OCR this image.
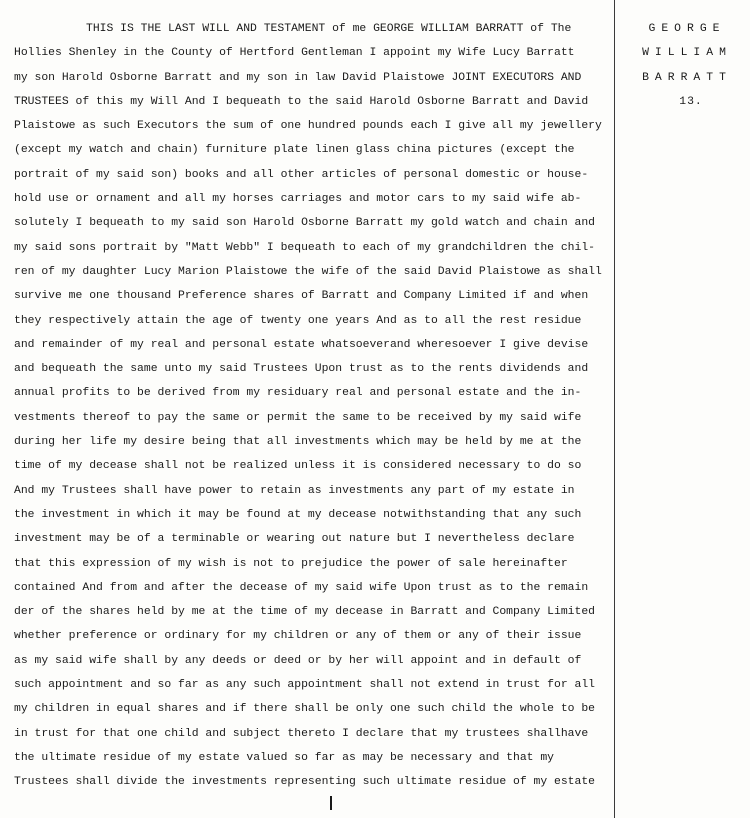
THIS IS THE LAST WILL AND TESTAMENT of me GEORGE WILLIAM BARRATT of The
Hollies Shenley in the County of Hertford Gentleman I appoint my Wife Lucy Barratt
my son Harold Osborne Barratt and my son in law David Plaistowe JOINT EXECUTORS AND
TRUSTEES of this my Will And I bequeath to the said Harold Osborne Barratt and David
Plaistowe as such Executors the sum of one hundred pounds each I give all my jewellery
(except my watch and chain) furniture plate linen glass china pictures (except the
portrait of my said son) books and all other articles of personal domestic or house-
hold use or ornament and all my horses carriages and motor cars to my said wife ab-
solutely I bequeath to my said son Harold Osborne Barratt my gold watch and chain and
my said sons portrait by "Matt Webb" I bequeath to each of my grandchildren the chil-
ren of my daughter Lucy Marion Plaistowe the wife of the said David Plaistowe as shall
survive me one thousand Preference shares of Barratt and Company Limited if and when
they respectively attain the age of twenty one years And as to all the rest residue
and remainder of my real and personal estate whatsoeverand wheresoever I give devise
and bequeath the same unto my said Trustees Upon trust as to the rents dividends and
annual profits to be derived from my residuary real and personal estate and the in-
vestments thereof to pay the same or permit the same to be received by my said wife
during her life my desire being that all investments which may be held by me at the
time of my decease shall not be realized unless it is considered necessary to do so
And my Trustees shall have power to retain as investments any part of my estate in
the investment in which it may be found at my decease notwithstanding that any such
investment may be of a terminable or wearing out nature but I nevertheless declare
that this expression of my wish is not to prejudice the power of sale hereinafter
contained And from and after the decease of my said wife Upon trust as to the remain
der of the shares held by me at the time of my decease in Barratt and Company Limited
whether preference or ordinary for my children or any of them or any of their issue
as my said wife shall by any deeds or deed or by her will appoint and in default of
such appointment and so far as any such appointment shall not extend in trust for all
my children in equal shares and if there shall be only one such child the whole to be
in trust for that one child and subject thereto I declare that my trustees shallhave
the ultimate residue of my estate valued so far as may be necessary and that my
Trustees shall divide the investments representing such ultimate residue of my estate
GEORGE
WILLIAM
BARRATT
13.
